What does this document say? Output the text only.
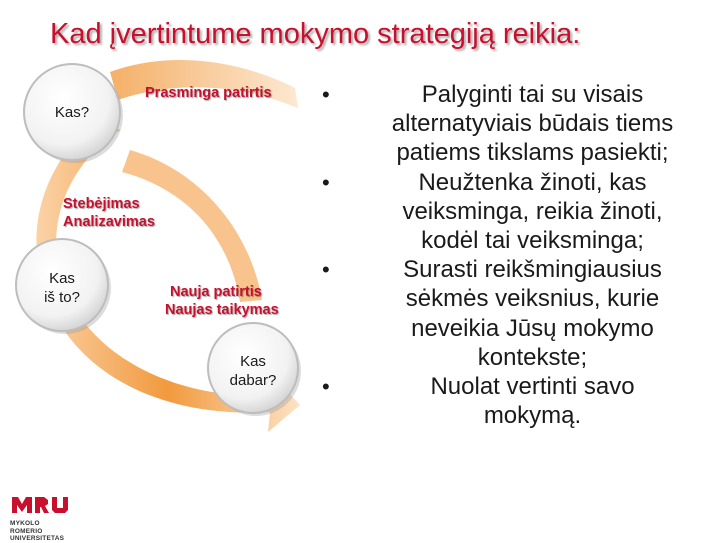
Kad įvertintume mokymo strategiją reikia:
Kas?
Kas
iš to?
Kas
dabar?
Prasminga patirtis
Stebėjimas
Analizavimas
Nauja patirtis
Naujas taikymas
•	Palyginti tai su visais
alternatyviais būdais tiems
patiems tikslams pasiekti;
•	Neužtenka žinoti, kas
veiksminga, reikia žinoti,
kodėl tai veiksminga;
•	Surasti reikšmingiausius
sėkmės veiksnius, kurie
neveikia Jūsų mokymo
kontekste;
•	Nuolat vertinti savo
mokymą.
MYKOLO ROMERIO
UNIVERSITETAS
